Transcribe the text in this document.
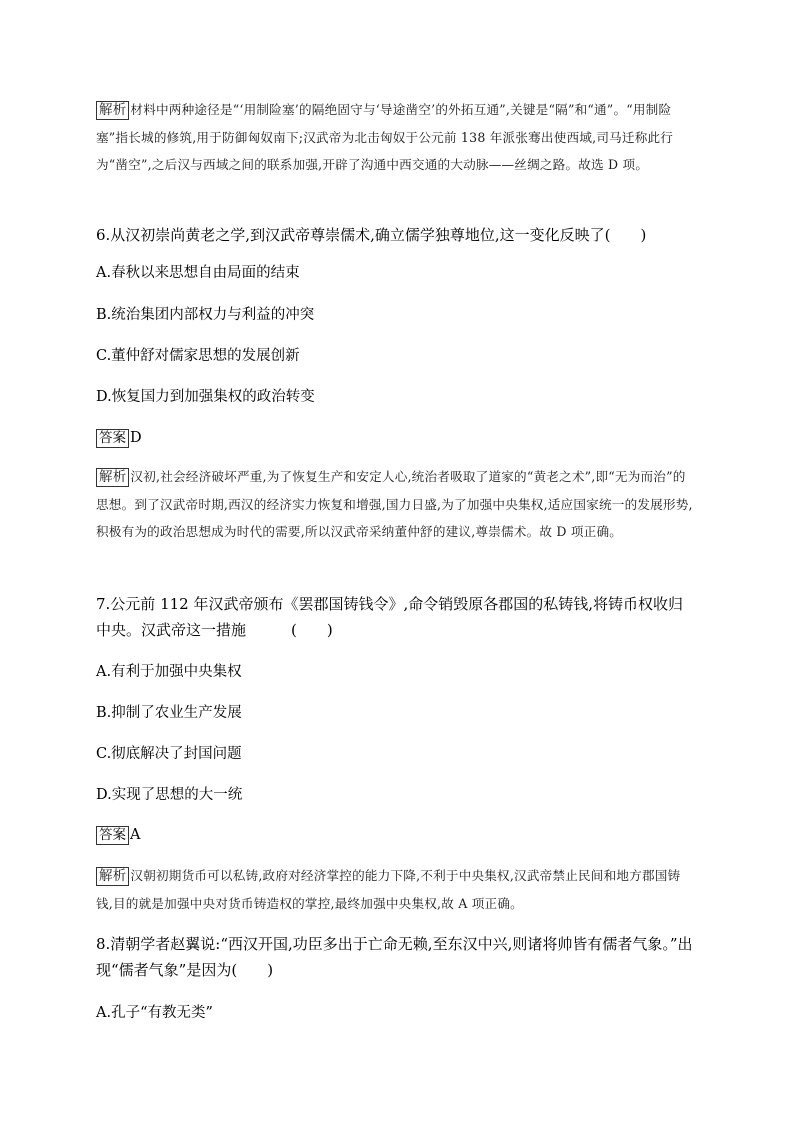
解析 材料中两种途径是“‘用制险塞’的隔绝固守与‘导途凿空’的外拓互通”,关键是“隔”和“通”。“用制险塞”指长城的修筑,用于防御匈奴南下;汉武帝为北击匈奴于公元前 138 年派张骞出使西域,司马迁称此行为“凿空”,之后汉与西域之间的联系加强,开辟了沟通中西交通的大动脉——丝绸之路。故选 D 项。
6.从汉初崇尚黄老之学,到汉武帝尊崇儒术,确立儒学独尊地位,这一变化反映了(　　)
A.春秋以来思想自由局面的结束
B.统治集团内部权力与利益的冲突
C.董仲舒对儒家思想的发展创新
D.恢复国力到加强集权的政治转变
答案 D
解析 汉初,社会经济破坏严重,为了恢复生产和安定人心,统治者吸取了道家的“黄老之术”,即“无为而治”的思想。到了汉武帝时期,西汉的经济实力恢复和增强,国力日盛,为了加强中央集权,适应国家统一的发展形势,积极有为的政治思想成为时代的需要,所以汉武帝采纳董仲舒的建议,尊崇儒术。故 D 项正确。
7.公元前 112 年汉武帝颁布《罢郡国铸钱令》,命令销毁原各郡国的私铸钱,将铸币权收归中央。汉武帝这一措施　　　(　　)
A.有利于加强中央集权
B.抑制了农业生产发展
C.彻底解决了封国问题
D.实现了思想的大一统
答案 A
解析 汉朝初期货币可以私铸,政府对经济掌控的能力下降,不利于中央集权,汉武帝禁止民间和地方郡国铸钱,目的就是加强中央对货币铸造权的掌控,最终加强中央集权,故 A 项正确。
8.清朝学者赵翼说:“西汉开国,功臣多出于亡命无赖,至东汉中兴,则诸将帅皆有儒者气象。”出现“儒者气象”是因为(　　)
A.孔子“有教无类”
